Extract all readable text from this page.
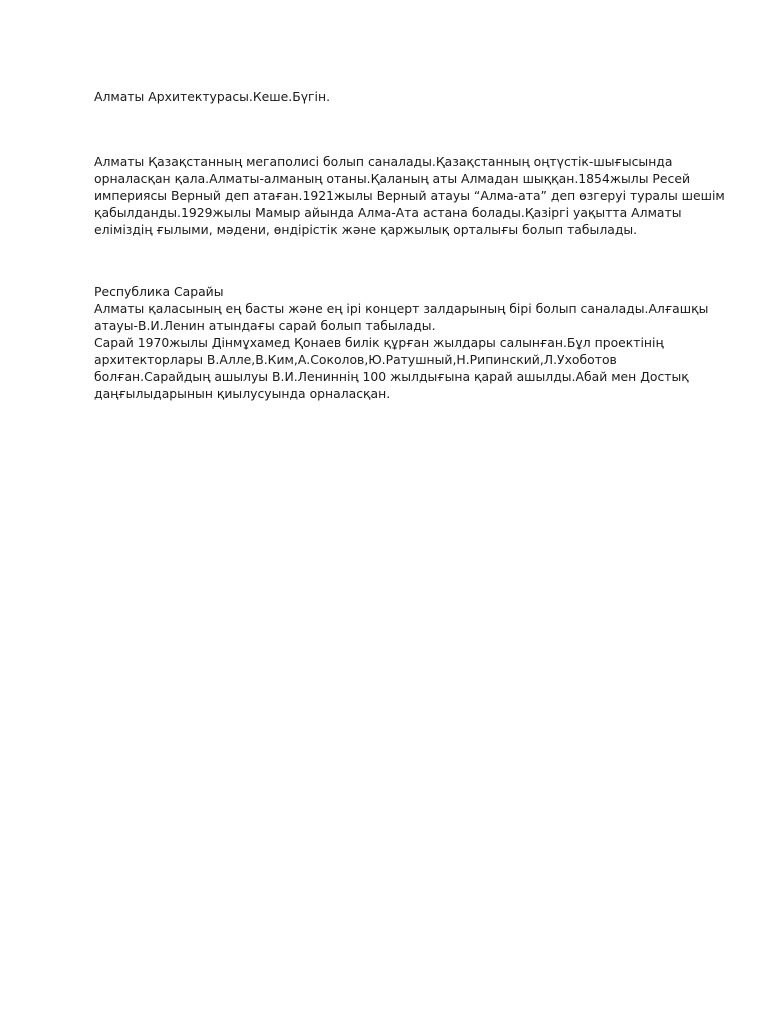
Алматы Архитектурасы.Кеше.Бүгін.
Алматы Қазақстанның мегаполисі болып саналады.Қазақстанның оңтүстік-шығысында
орналасқан қала.Алматы-алманың отаны.Қаланың аты Алмадан шыққан.1854жылы Ресей
империясы Верный деп атаған.1921жылы Верный атауы “Алма-ата” деп өзгеруі туралы шешім
қабылданды.1929жылы Мамыр айында Алма-Ата астана болады.Қазіргі уақытта Алматы
еліміздің ғылыми, мәдени, өндірістік және қаржылық орталығы болып табылады.
Республика Сарайы
Алматы қаласының ең басты және ең ірі концерт залдарының бірі болып саналады.Алғашқы
атауы-В.И.Ленин атындағы сарай болып табылады.
Сарай 1970жылы Дінмұхамед Қонаев билік құрған жылдары салынған.Бұл проектінің
архитекторлары В.Алле,В.Ким,А.Соколов,Ю.Ратушный,Н.Рипинский,Л.Ухоботов
болған.Сарайдың ашылуы В.И.Лениннің 100 жылдығына қарай ашылды.Абай мен Достық
даңғылыдарынын қиылусуында орналасқан.
